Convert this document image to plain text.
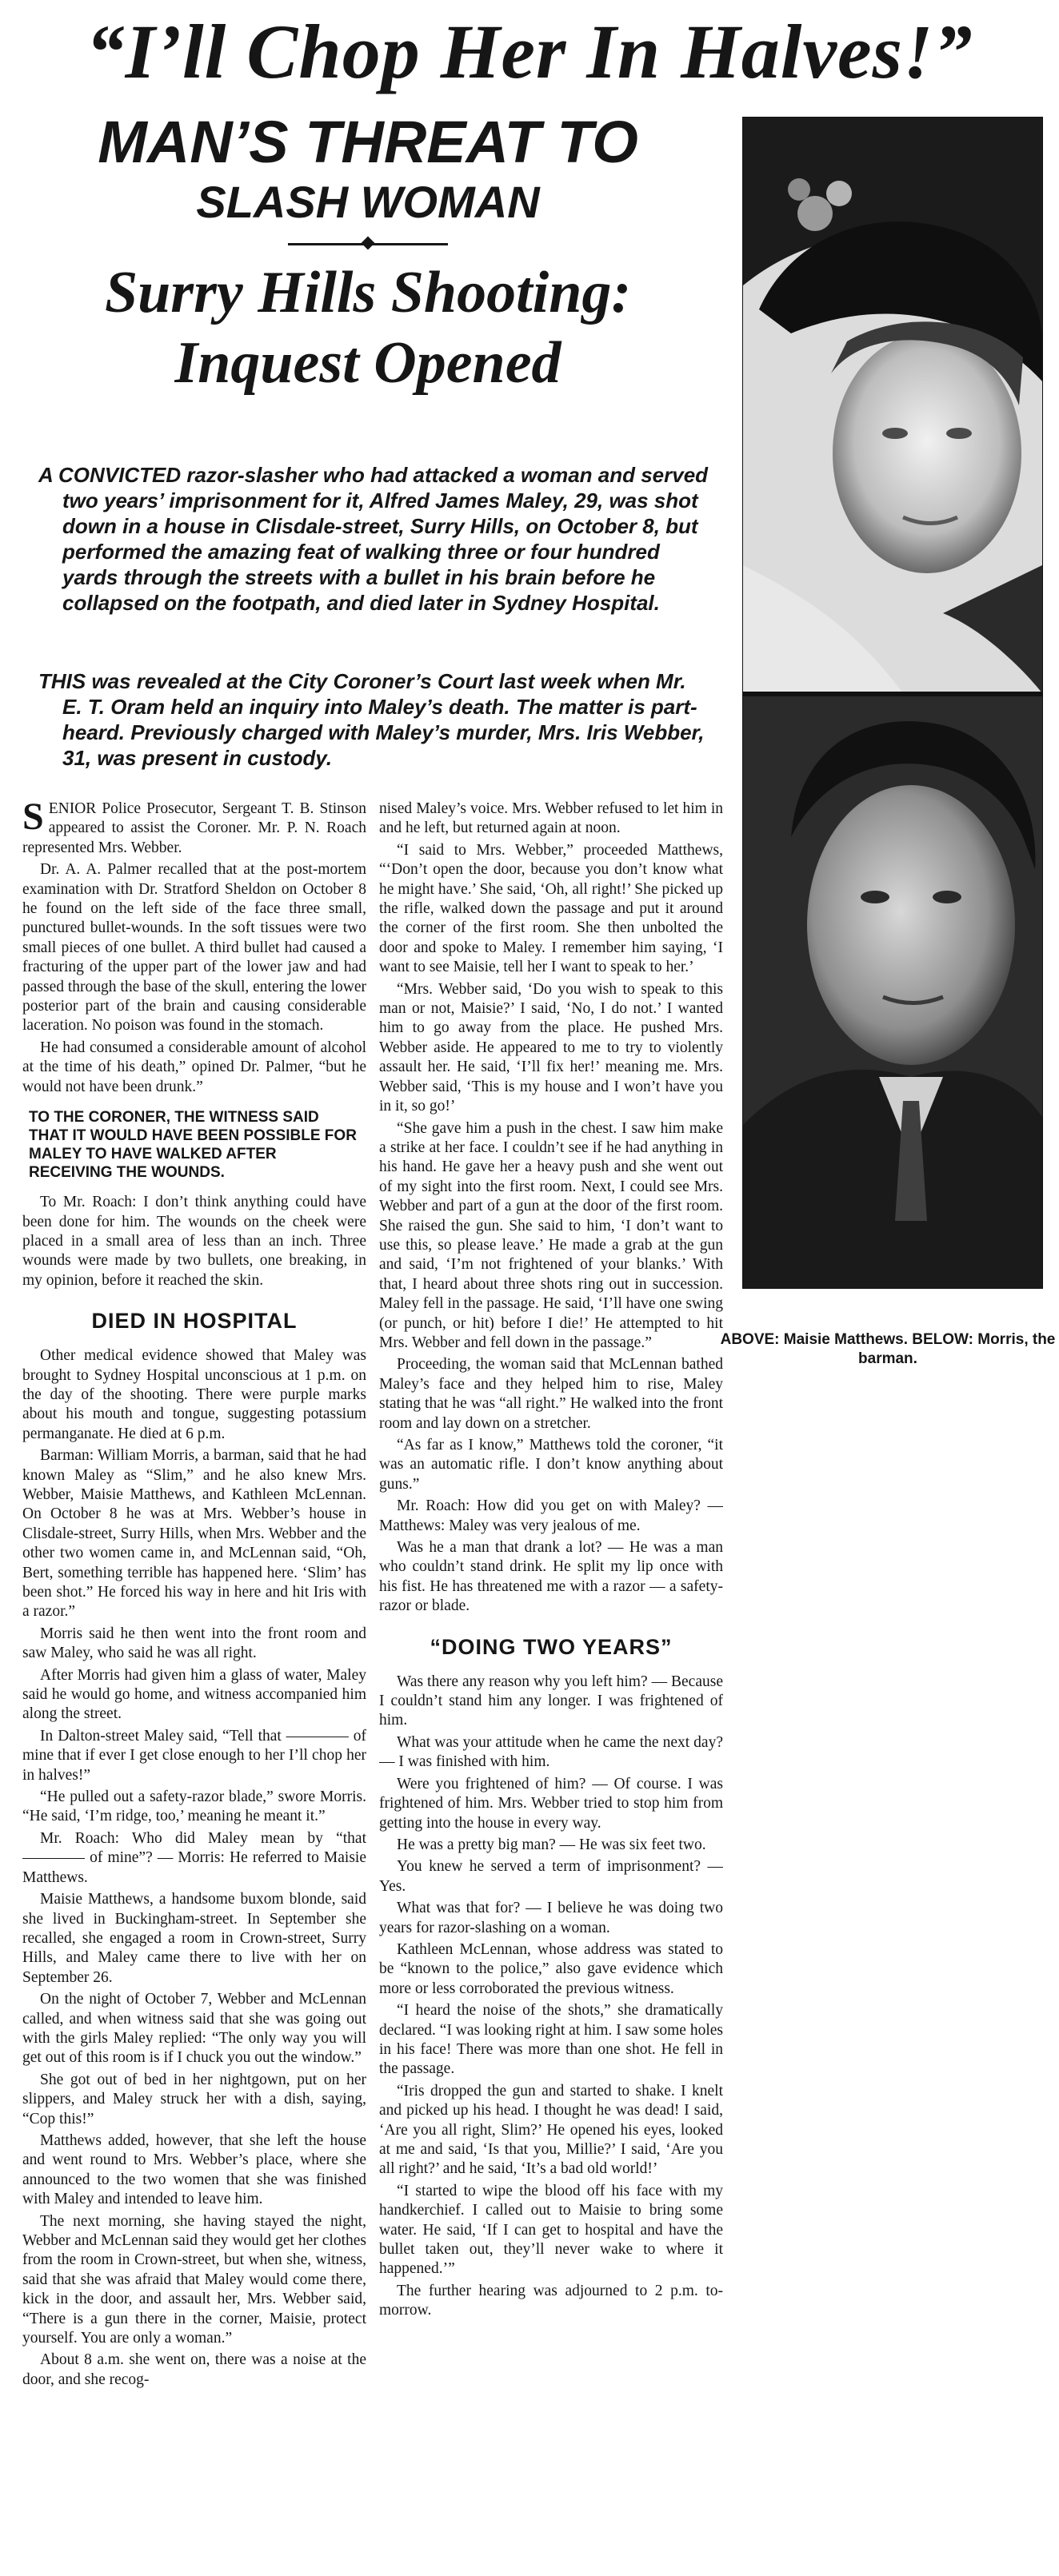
“I’ll Chop Her In Halves!”

MAN’S THREAT TO

SLASH WOMAN

Surry Hills Shooting:

Inquest Opened

A CONVICTED razor-slasher who had attacked a woman and served two years’ imprisonment for it, Alfred James Maley, 29, was shot down in a house in Clisdale-street, Surry Hills, on October 8, but performed the amazing feat of walking three or four hundred yards through the streets with a bullet in his brain before he collapsed on the footpath, and died later in Sydney Hospital.

THIS was revealed at the City Coroner’s Court last week when Mr. E. T. Oram held an inquiry into Maley’s death. The matter is part-heard. Previously charged with Maley’s murder, Mrs. Iris Webber, 31, was present in custody.

ABOVE: Maisie Matthews. BELOW: Morris, the barman.

SENIOR Police Prosecutor, Sergeant T. B. Stinson appeared to assist the Coroner. Mr. P. N. Roach represented Mrs. Webber.

Dr. A. A. Palmer recalled that at the post-mortem examination with Dr. Stratford Sheldon on October 8 he found on the left side of the face three small, punctured bullet-wounds. In the soft tissues were two small pieces of one bullet. A third bullet had caused a fracturing of the upper part of the lower jaw and had passed through the base of the skull, entering the lower posterior part of the brain and causing considerable laceration. No poison was found in the stomach.

He had consumed a considerable amount of alcohol at the time of his death,” opined Dr. Palmer, “but he would not have been drunk.”

TO THE CORONER, THE WITNESS SAID THAT IT WOULD HAVE BEEN POSSIBLE FOR MALEY TO HAVE WALKED AFTER RECEIVING THE WOUNDS.

To Mr. Roach: I don’t think anything could have been done for him. The wounds on the cheek were placed in a small area of less than an inch. Three wounds were made by two bullets, one breaking, in my opinion, before it reached the skin.

DIED IN HOSPITAL

Other medical evidence showed that Maley was brought to Sydney Hospital unconscious at 1 p.m. on the day of the shooting. There were purple marks about his mouth and tongue, suggesting potassium permanganate. He died at 6 p.m.

Barman: William Morris, a barman, said that he had known Maley as “Slim,” and he also knew Mrs. Webber, Maisie Matthews, and Kathleen McLennan. On October 8 he was at Mrs. Webber’s house in Clisdale-street, Surry Hills, when Mrs. Webber and the other two women came in, and McLennan said, “Oh, Bert, something terrible has happened here. ‘Slim’ has been shot.” He forced his way in here and hit Iris with a razor.”

Morris said he then went into the front room and saw Maley, who said he was all right.

After Morris had given him a glass of water, Maley said he would go home, and witness accompanied him along the street.

In Dalton-street Maley said, “Tell that ———— of mine that if ever I get close enough to her I’ll chop her in halves!”

“He pulled out a safety-razor blade,” swore Morris. “He said, ‘I’m ridge, too,’ meaning he meant it.”

Mr. Roach: Who did Maley mean by “that ———— of mine”? — Morris: He referred to Maisie Matthews.

Maisie Matthews, a handsome buxom blonde, said she lived in Buckingham-street. In September she recalled, she engaged a room in Crown-street, Surry Hills, and Maley came there to live with her on September 26.

On the night of October 7, Webber and McLennan called, and when witness said that she was going out with the girls Maley replied: “The only way you will get out of this room is if I chuck you out the window.”

She got out of bed in her nightgown, put on her slippers, and Maley struck her with a dish, saying, “Cop this!”

Matthews added, however, that she left the house and went round to Mrs. Webber’s place, where she announced to the two women that she was finished with Maley and intended to leave him.

The next morning, she having stayed the night, Webber and McLennan said they would get her clothes from the room in Crown-street, but when she, witness, said that she was afraid that Maley would come there, kick in the door, and assault her, Mrs. Webber said, “There is a gun there in the corner, Maisie, protect yourself. You are only a woman.”

About 8 a.m. she went on, there was a noise at the door, and she recog-

nised Maley’s voice. Mrs. Webber refused to let him in and he left, but returned again at noon.

“I said to Mrs. Webber,” proceeded Matthews, “‘Don’t open the door, because you don’t know what he might have.’ She said, ‘Oh, all right!’ She picked up the rifle, walked down the passage and put it around the corner of the first room. She then unbolted the door and spoke to Maley. I remember him saying, ‘I want to see Maisie, tell her I want to speak to her.’

“Mrs. Webber said, ‘Do you wish to speak to this man or not, Maisie?’ I said, ‘No, I do not.’ I wanted him to go away from the place. He pushed Mrs. Webber aside. He appeared to me to try to violently assault her. He said, ‘I’ll fix her!’ meaning me. Mrs. Webber said, ‘This is my house and I won’t have you in it, so go!’

“She gave him a push in the chest. I saw him make a strike at her face. I couldn’t see if he had anything in his hand. He gave her a heavy push and she went out of my sight into the first room. Next, I could see Mrs. Webber and part of a gun at the door of the first room. She raised the gun. She said to him, ‘I don’t want to use this, so please leave.’ He made a grab at the gun and said, ‘I’m not frightened of your blanks.’ With that, I heard about three shots ring out in succession. Maley fell in the passage. He said, ‘I’ll have one swing (or punch, or hit) before I die!’ He attempted to hit Mrs. Webber and fell down in the passage.”

Proceeding, the woman said that McLennan bathed Maley’s face and they helped him to rise, Maley stating that he was “all right.” He walked into the front room and lay down on a stretcher.

“As far as I know,” Matthews told the coroner, “it was an automatic rifle. I don’t know anything about guns.”

Mr. Roach: How did you get on with Maley? — Matthews: Maley was very jealous of me.

Was he a man that drank a lot? — He was a man who couldn’t stand drink. He split my lip once with his fist. He has threatened me with a razor — a safety-razor or blade.

“DOING TWO YEARS”

Was there any reason why you left him? — Because I couldn’t stand him any longer. I was frightened of him.

What was your attitude when he came the next day? — I was finished with him.

Were you frightened of him? — Of course. I was frightened of him. Mrs. Webber tried to stop him from getting into the house in every way.

He was a pretty big man? — He was six feet two.

You knew he served a term of imprisonment? — Yes.

What was that for? — I believe he was doing two years for razor-slashing on a woman.

Kathleen McLennan, whose address was stated to be “known to the police,” also gave evidence which more or less corroborated the previous witness.

“I heard the noise of the shots,” she dramatically declared. “I was looking right at him. I saw some holes in his face! There was more than one shot. He fell in the passage.

“Iris dropped the gun and started to shake. I knelt and picked up his head. I thought he was dead! I said, ‘Are you all right, Slim?’ He opened his eyes, looked at me and said, ‘Is that you, Millie?’ I said, ‘Are you all right?’ and he said, ‘It’s a bad old world!’

“I started to wipe the blood off his face with my handkerchief. I called out to Maisie to bring some water. He said, ‘If I can get to hospital and have the bullet taken out, they’ll never wake to where it happened.’”

The further hearing was adjourned to 2 p.m. to-morrow.
